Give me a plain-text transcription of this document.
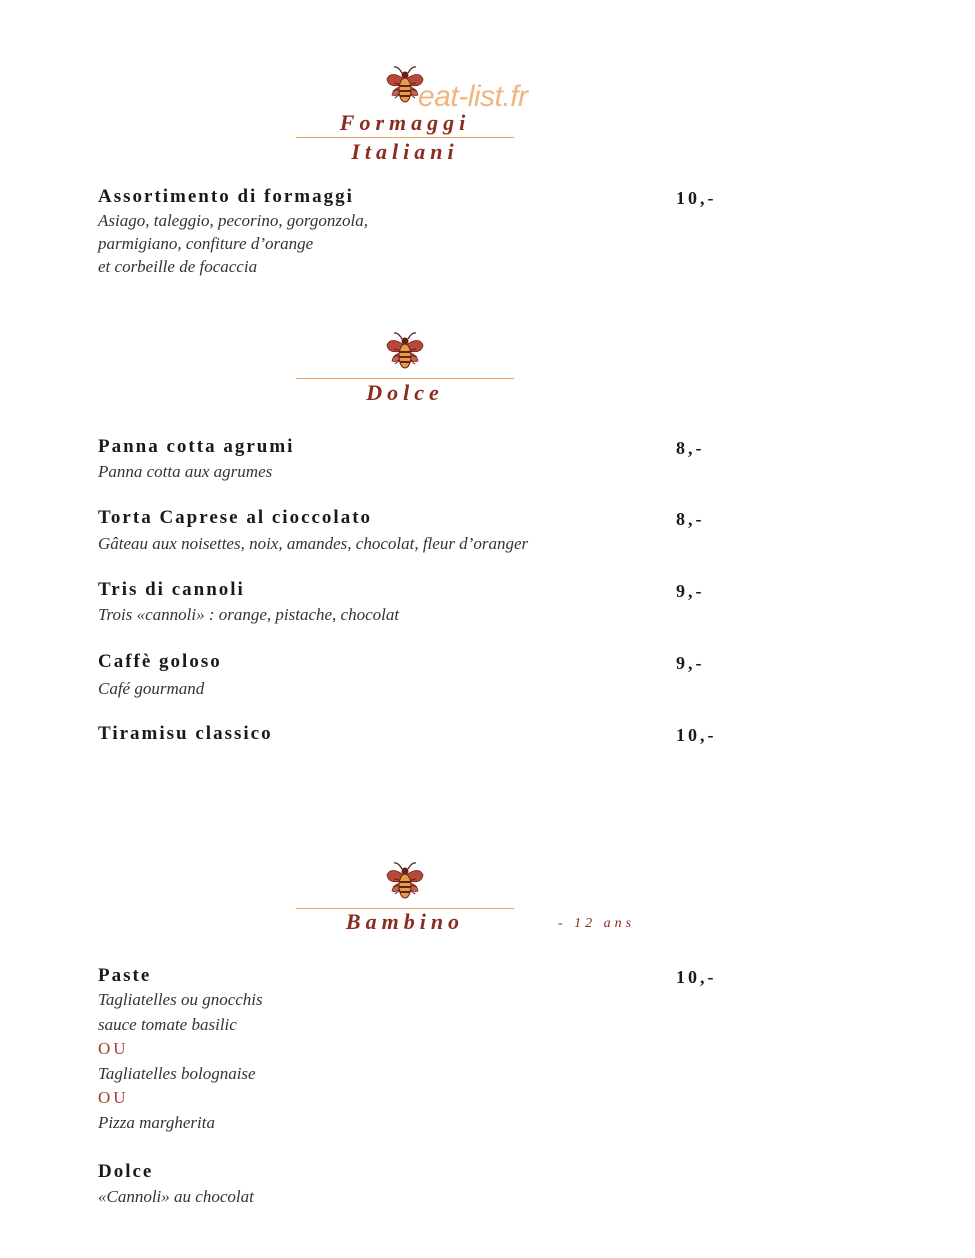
eat-list.fr
Formaggi
Italiani
Assortimento di formaggi	10,-
Asiago, taleggio, pecorino, gorgonzola,
parmigiano, confiture d’orange
et corbeille de focaccia
Dolce
Panna cotta agrumi	8,-
Panna cotta aux agrumes
Torta Caprese al cioccolato	8,-
Gâteau aux noisettes, noix, amandes, chocolat, fleur d’oranger
Tris di cannoli	9,-
Trois «cannoli» : orange, pistache, chocolat
Caffè goloso	9,-
Café gourmand
Tiramisu classico	10,-
Bambino	- 12 ans
Paste	10,-
Tagliatelles ou gnocchis
sauce tomate basilic
OU
Tagliatelles bolognaise
OU
Pizza margherita
Dolce
«Cannoli» au chocolat
